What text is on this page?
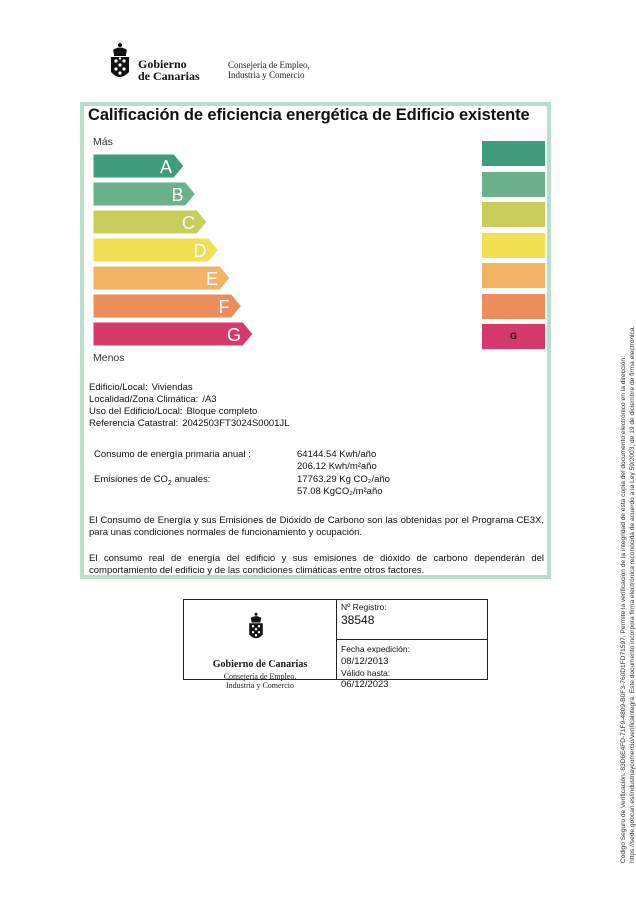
Gobierno
de Canarias
Consejería de Empleo,
Industria y Comercio
Calificación de eficiencia energética de Edificio existente
Más
Menos
A
B
C
D
E
F
G	G
Edificio/Local: Viviendas
Localidad/Zona Climática: /A3
Uso del Edificio/Local: Bloque completo
Referencia Catastral: 2042503FT3024S0001JL
Consumo de energía primaria anual :	64144.54 Kwh/año
206.12 Kwh/m²año
Emisiones de $CO_2$ anuales:	17763.29 Kg CO₂/año
57.08 KgCO₂/m²año
El Consumo de Energía y sus Emisiones de Dióxido de Carbono son las obtenidas por el Programa CE3X, para unas condiciones normales de funcionamiento y ocupación.
El consumo real de energía del edificio y sus emisiones de dióxido de carbono dependerán del comportamiento del edificio y de las condiciones climáticas entre otros factores.
Gobierno de Canarias
Consejería de Empleo,
Industria y Comercio
Nº Registro:
38548
Fecha expedición:
08/12/2013
Válido hasta:
06/12/2023	Código Seguro de Verificación: 83D6E4FD-71F9-4809-B0F3-760D1FD71597. Permite la verificación de la integridad de esta copia del documento electrónico en la dirección: https://sede.gobcan.es/industriaycomercio/verificaintegra. Este documento incorpora firma electrónica reconocida de acuerdo a la Ley 59/2003, de 19 de diciembre de firma electrónica.
